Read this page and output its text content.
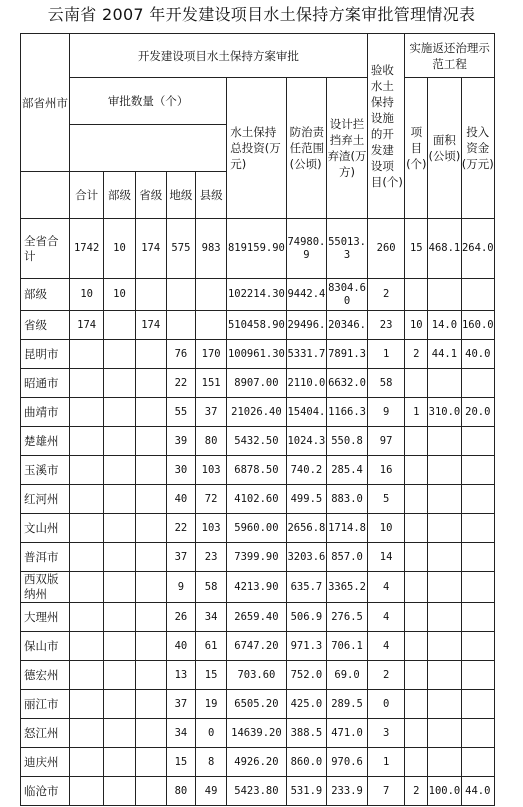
云南省 2007 年开发建设项目水土保持方案审批管理情况表
部省州市	开发建设项目水土保持方案审批								验收水土保持设施的开发建设项目(个)	实施返还治理示范工程		
	审批数量（个）					水土保持总投资(万元)	防治责任范围(公顷)	设计拦挡弃土弃渣(万方)		项目(个)	面积(公顷)	投入资金(万元)

	合计	部级	省级	地级	县级							
全省合计	1742	10	174	575	983	819159.90	74980.9	55013.3	260	15	468.1	264.0
部级	10	10				102214.30	9442.4	8304.60	2			
省级	174		174			510458.90	29496.	20346.	23	10	14.0	160.0
昆明市				76	170	100961.30	5331.7	7891.3	1	2	44.1	40.0
昭通市				22	151	8907.00	2110.0	6632.0	58			
曲靖市				55	37	21026.40	15404.	1166.3	9	1	310.0	20.0
楚雄州				39	80	5432.50	1024.3	550.8	97			
玉溪市				30	103	6878.50	740.2	285.4	16			
红河州				40	72	4102.60	499.5	883.0	5			
文山州				22	103	5960.00	2656.8	1714.8	10			
普洱市				37	23	7399.90	3203.6	857.0	14			
西双版纳州				9	58	4213.90	635.7	3365.2	4			
大理州				26	34	2659.40	506.9	276.5	4			
保山市				40	61	6747.20	971.3	706.1	4			
德宏州				13	15	703.60	752.0	69.0	2			
丽江市				37	19	6505.20	425.0	289.5	0			
怒江州				34	0	14639.20	388.5	471.0	3			
迪庆州				15	8	4926.20	860.0	970.6	1			
临沧市				80	49	5423.80	531.9	233.9	7	2	100.0	44.0
